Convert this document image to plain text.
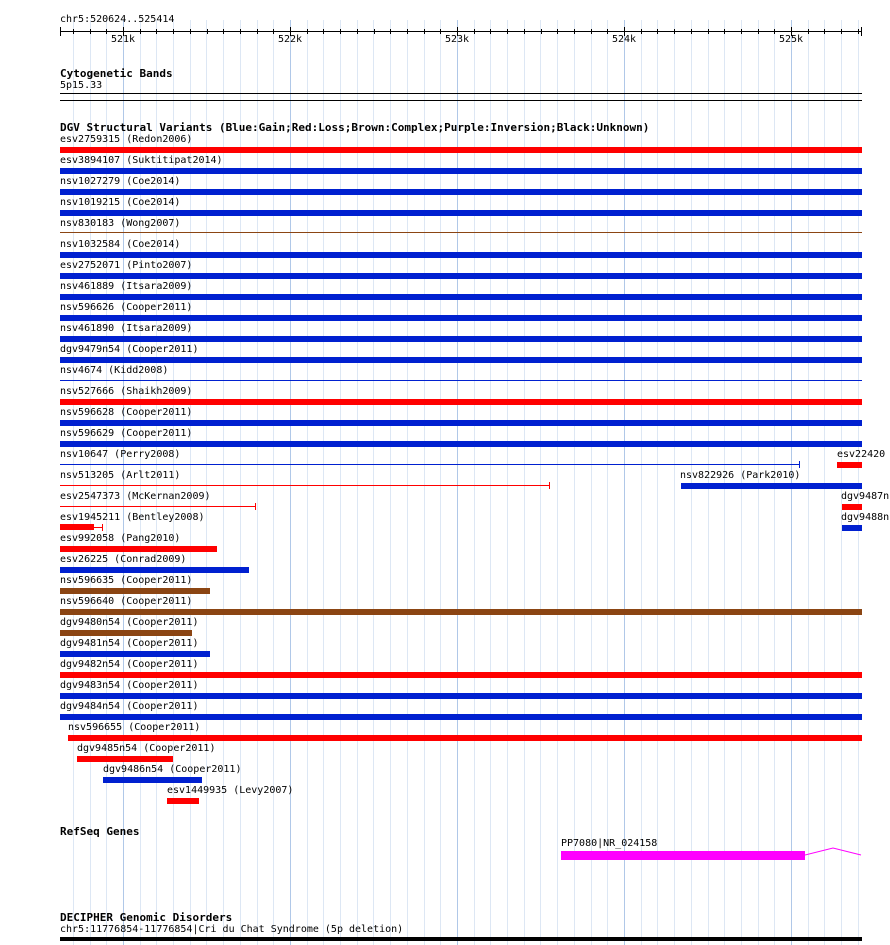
chr5:520624..525414
521k	522k	523k	524k	525k
Cytogenetic Bands
5p15.33
DGV Structural Variants (Blue:Gain;Red:Loss;Brown:Complex;Purple:Inversion;Black:Unknown)
esv2759315 (Redon2006)
esv3894107 (Suktitipat2014)
nsv1027279 (Coe2014)
nsv1019215 (Coe2014)
nsv830183 (Wong2007)
nsv1032584 (Coe2014)
esv2752071 (Pinto2007)
nsv461889 (Itsara2009)
nsv596626 (Cooper2011)
nsv461890 (Itsara2009)
dgv9479n54 (Cooper2011)
nsv4674 (Kidd2008)
nsv527666 (Shaikh2009)
nsv596628 (Cooper2011)
nsv596629 (Cooper2011)
nsv10647 (Perry2008)	esv22420
nsv513205 (Arlt2011)	nsv822926 (Park2010)
esv2547373 (McKernan2009)	dgv9487n
esv1945211 (Bentley2008)	dgv9488n
esv992058 (Pang2010)
esv26225 (Conrad2009)
nsv596635 (Cooper2011)
nsv596640 (Cooper2011)
dgv9480n54 (Cooper2011)
dgv9481n54 (Cooper2011)
dgv9482n54 (Cooper2011)
dgv9483n54 (Cooper2011)
dgv9484n54 (Cooper2011)
nsv596655 (Cooper2011)
dgv9485n54 (Cooper2011)
dgv9486n54 (Cooper2011)
esv1449935 (Levy2007)
RefSeq Genes
PP7080|NR_024158
DECIPHER Genomic Disorders
chr5:11776854-11776854|Cri du Chat Syndrome (5p deletion)
